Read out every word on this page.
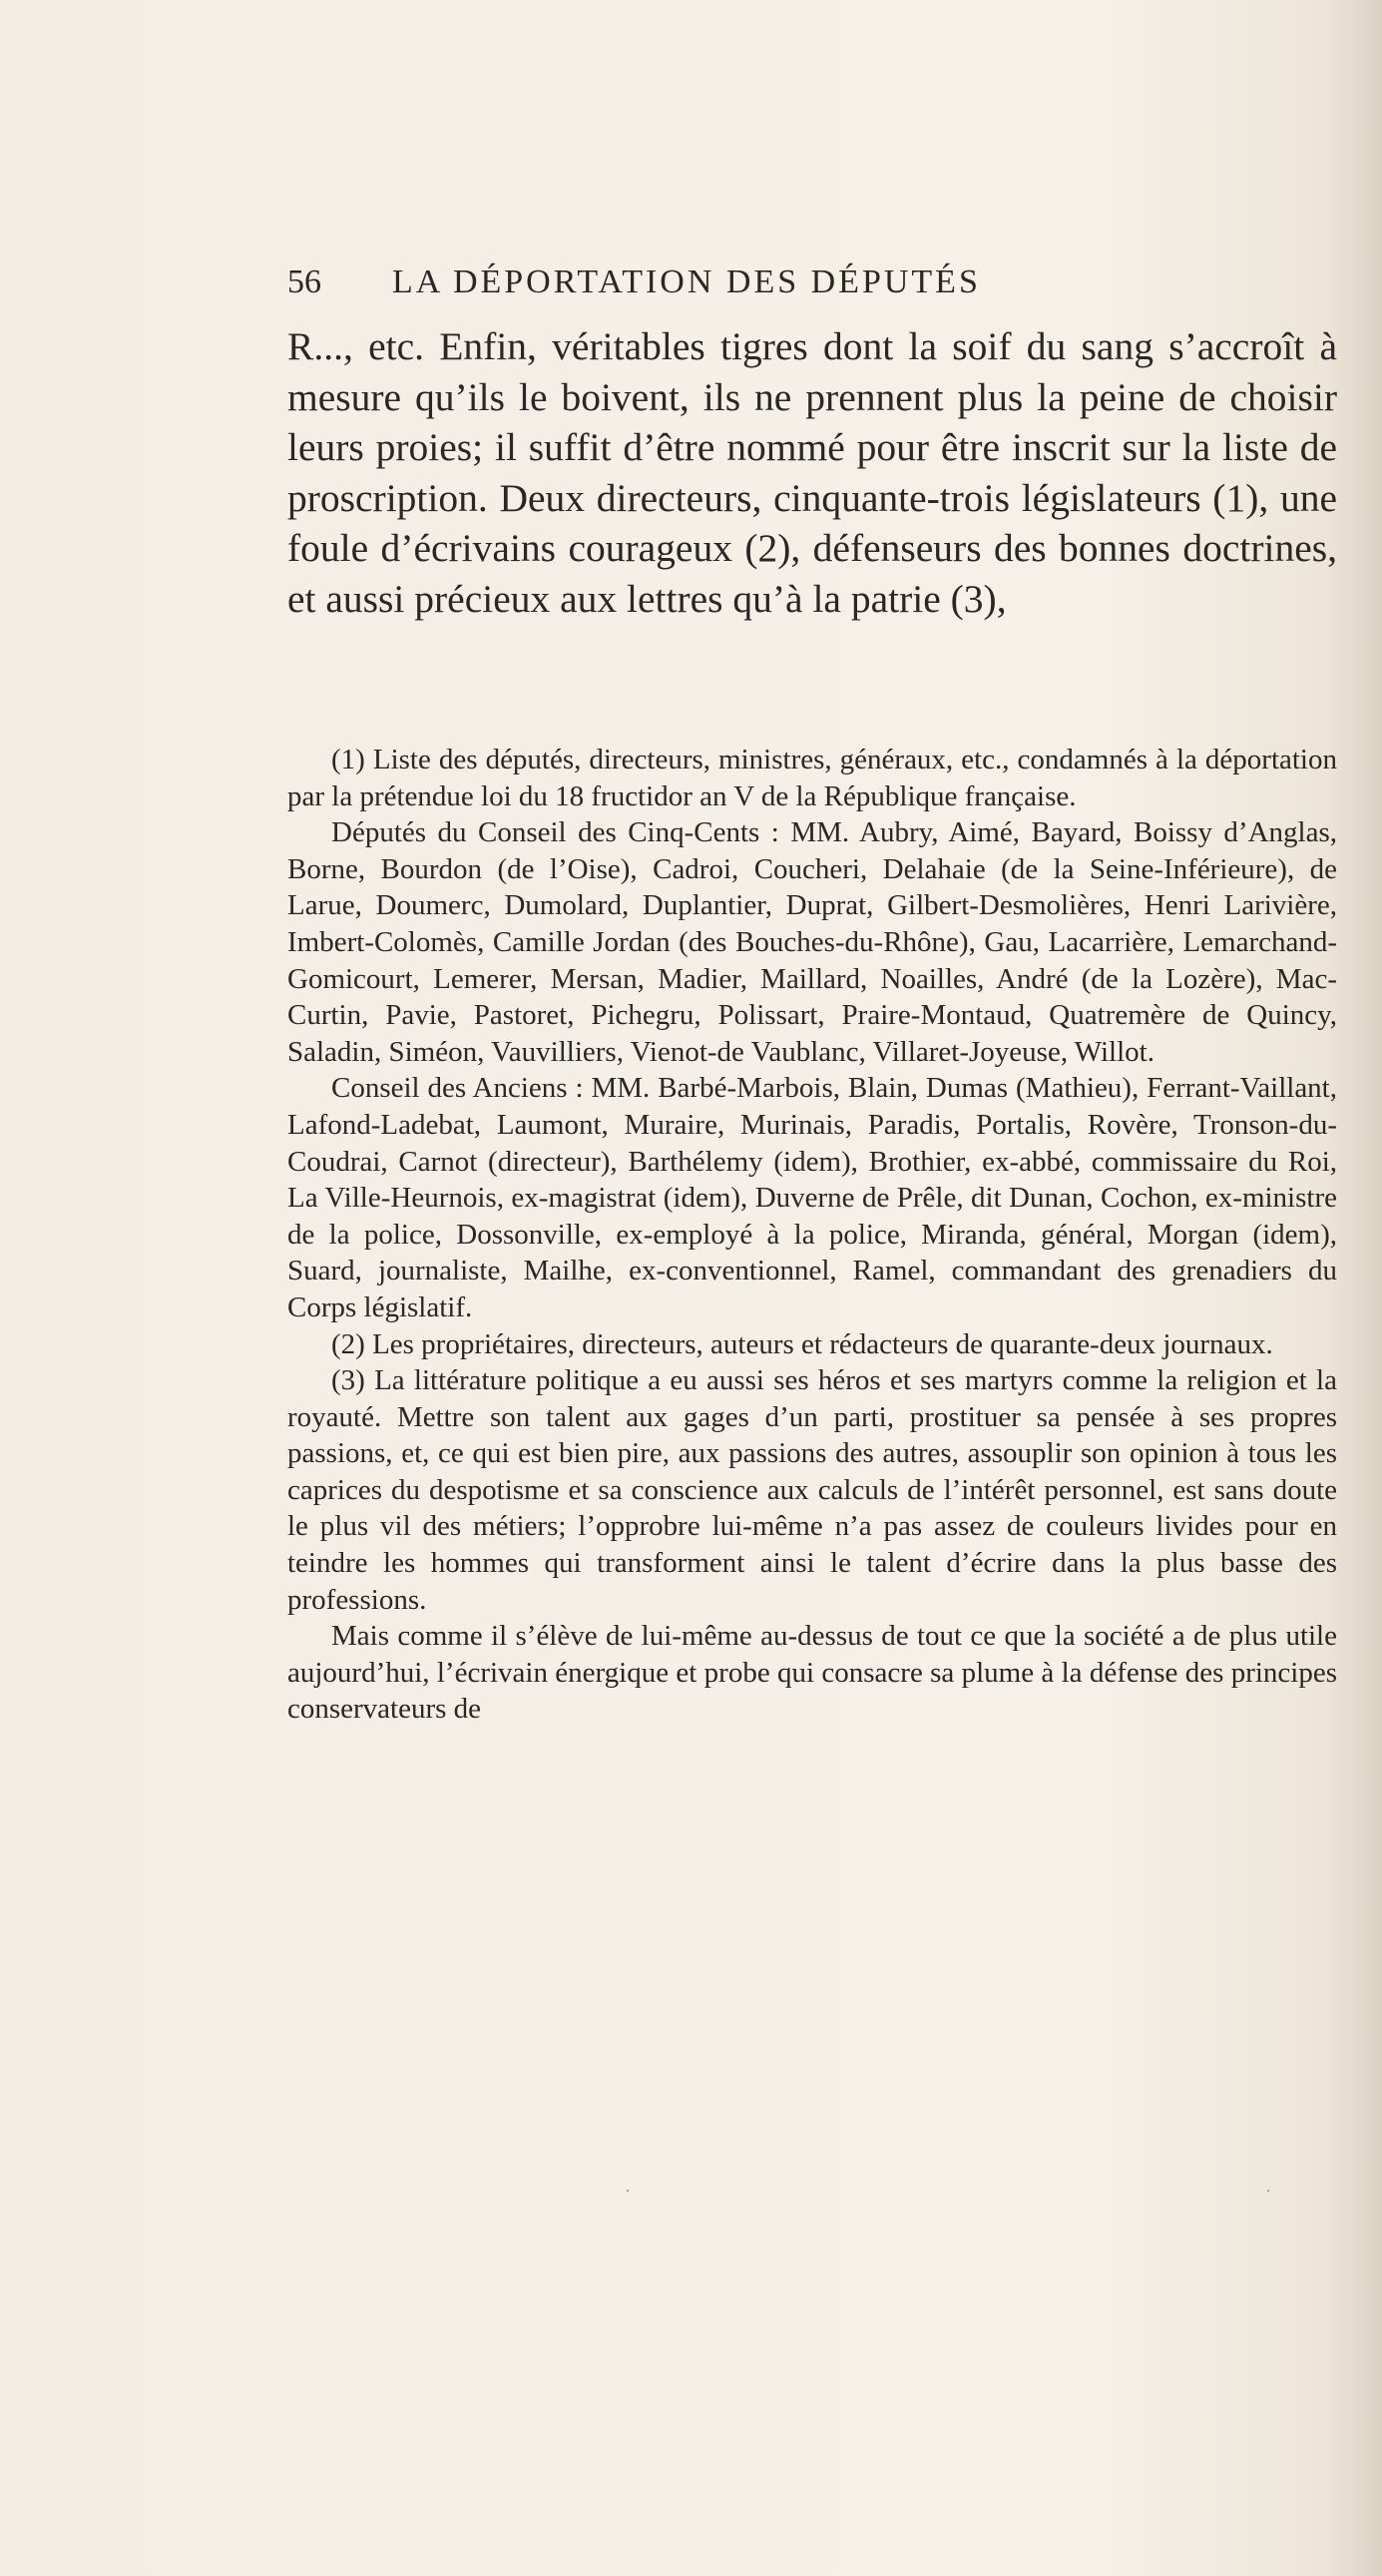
56	LA DÉPORTATION DES DÉPUTÉS

R..., etc. Enfin, véritables tigres dont la soif du sang s’accroît à mesure qu’ils le boivent, ils ne prennent plus la peine de choisir leurs proies; il suffit d’être nommé pour être inscrit sur la liste de proscription. Deux directeurs, cinquante-trois législateurs (1), une foule d’écrivains courageux (2), défenseurs des bonnes doctrines, et aussi précieux aux lettres qu’à la patrie (3),

(1) Liste des députés, directeurs, ministres, généraux, etc., condamnés à la déportation par la prétendue loi du 18 fructidor an V de la République française.

Députés du Conseil des Cinq-Cents : MM. Aubry, Aimé, Bayard, Boissy d’Anglas, Borne, Bourdon (de l’Oise), Cadroi, Coucheri, Delahaie (de la Seine-Inférieure), de Larue, Doumerc, Dumolard, Duplantier, Duprat, Gilbert-Desmolières, Henri Larivière, Imbert-Colomès, Camille Jordan (des Bouches-du-Rhône), Gau, Lacarrière, Lemarchand-Gomicourt, Lemerer, Mersan, Madier, Maillard, Noailles, André (de la Lozère), Mac-Curtin, Pavie, Pastoret, Pichegru, Polissart, Praire-Montaud, Quatremère de Quincy, Saladin, Siméon, Vauvilliers, Vienot-de Vaublanc, Villaret-Joyeuse, Willot.

Conseil des Anciens : MM. Barbé-Marbois, Blain, Dumas (Mathieu), Ferrant-Vaillant, Lafond-Ladebat, Laumont, Muraire, Murinais, Paradis, Portalis, Rovère, Tronson-du-Coudrai, Carnot (directeur), Barthélemy (idem), Brothier, ex-abbé, commissaire du Roi, La Ville-Heurnois, ex-magistrat (idem), Duverne de Prêle, dit Dunan, Cochon, ex-ministre de la police, Dossonville, ex-employé à la police, Miranda, général, Morgan (idem), Suard, journaliste, Mailhe, ex-conventionnel, Ramel, commandant des grenadiers du Corps législatif.

(2) Les propriétaires, directeurs, auteurs et rédacteurs de quarante-deux journaux.

(3) La littérature politique a eu aussi ses héros et ses martyrs comme la religion et la royauté. Mettre son talent aux gages d’un parti, prostituer sa pensée à ses propres passions, et, ce qui est bien pire, aux passions des autres, assouplir son opinion à tous les caprices du despotisme et sa conscience aux calculs de l’intérêt personnel, est sans doute le plus vil des métiers; l’opprobre lui-même n’a pas assez de couleurs livides pour en teindre les hommes qui transforment ainsi le talent d’écrire dans la plus basse des professions.

Mais comme il s’élève de lui-même au-dessus de tout ce que la société a de plus utile aujourd’hui, l’écrivain énergique et probe qui consacre sa plume à la défense des principes conservateurs de

·	·
